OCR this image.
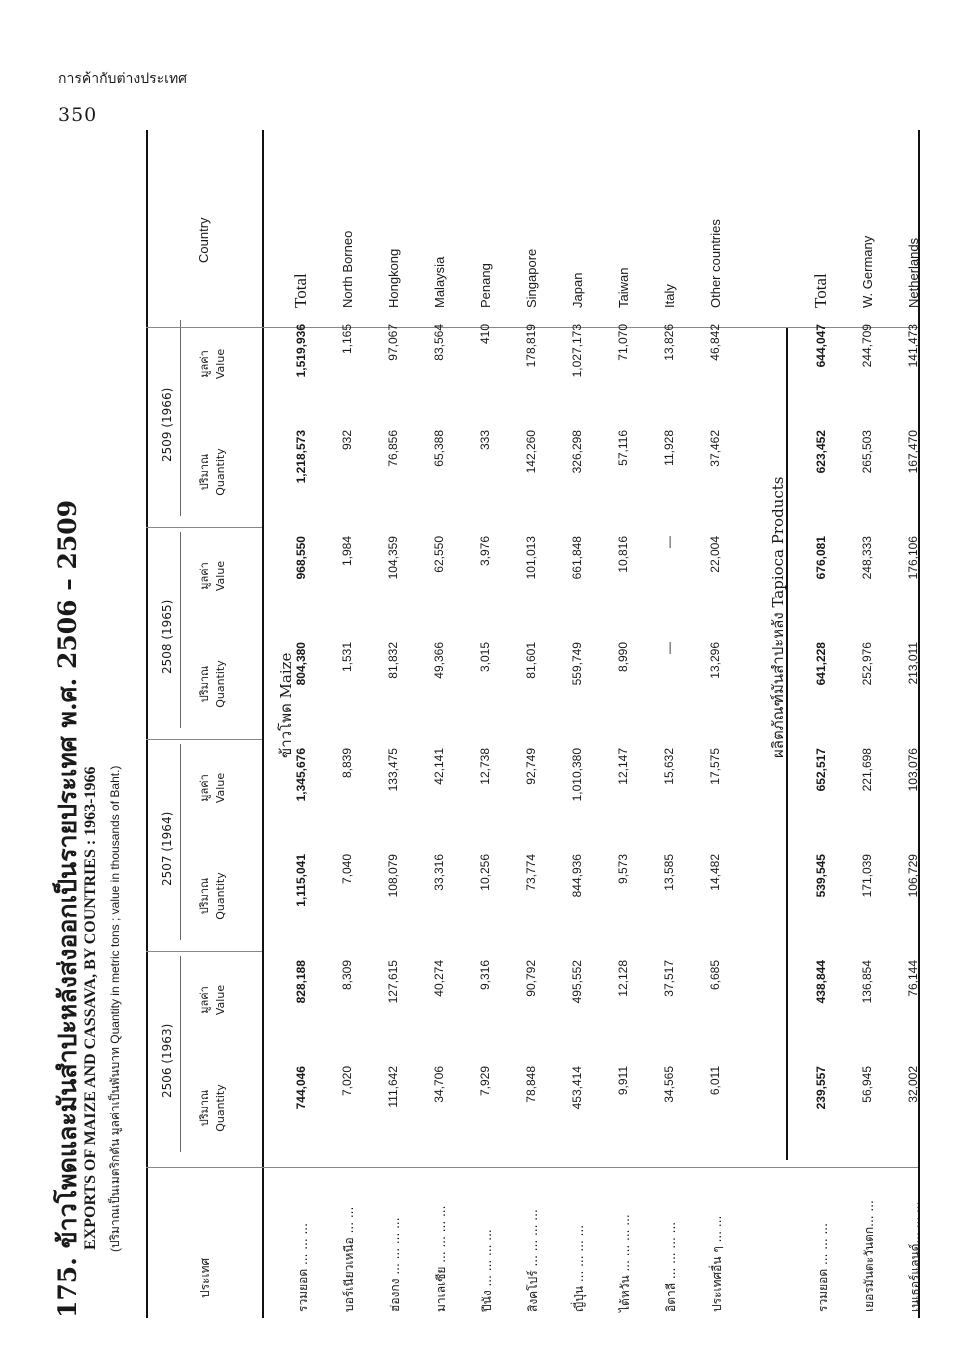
การค้ากับต่างประเทศ
350
175. ข้าวโพดและมันสำปะหลังส่งออกเป็นรายประเทศ พ.ศ. 2506 – 2509 EXPORTS OF MAIZE AND CASSAVA, BY COUNTRIES : 1963-1966 (ปริมาณเป็นเมตริกตัน มูลค่าเป็นพันบาท Quantity in metric tons ; value in thousands of Baht.)
ประเทศ
Country
2506 (1963)
ปริมาณ Quantity
มูลค่า Value
2507 (1964)
ปริมาณ Quantity
มูลค่า Value
2508 (1965)
ปริมาณ Quantity
มูลค่า Value
2509 (1966)
ปริมาณ Quantity
มูลค่า Value
ข้าวโพด Maize
รวมยอด ... ... ...
Total
744,046
828,188
1,115,041
1,345,676
804,380
968,550
1,218,573
1,519,936
บอร์เนียวเหนือ ... ...
North Borneo
7,020
8,309
7,040
8,839
1,531
1,984
932
1,165
ฮ่องกง ... ... ... ...
Hongkong
111,642
127,615
108,079
133,475
81,832
104,359
76,856
97,067
มาเลเซีย ... ... ... ...
Malaysia
34,706
40,274
33,316
42,141
49,366
62,550
65,388
83,564
ปีนัง ... ... ... ...
Penang
7,929
9,316
10,256
12,738
3,015
3,976
333
410
สิงคโปร์ ... ... ... ...
Singapore
78,848
90,792
73,774
92,749
81,601
101,013
142,260
178,819
ญี่ปุ่น ... ... ... ...
Japan
453,414
495,552
844,936
1,010,380
559,749
661,848
326,298
1,027,173
ไต้หวัน ... ... ... ...
Taiwan
9,911
12,128
9,573
12,147
8,990
10,816
57,116
71,070
อิตาลี ... ... ... ...
Italy
34,565
37,517
13,585
15,632
—
—
11,928
13,826
ประเทศอื่น ๆ ... ...
Other countries
6,011
6,685
14,482
17,575
13,296
22,004
37,462
46,842
ผลิตภัณฑ์มันสำปะหลัง Tapioca Products
รวมยอด ... ... ...
Total
239,557
438,844
539,545
652,517
641,228
676,081
623,452
644,047
เยอรมันตะวันตก... ...
W. Germany
56,945
136,854
171,039
221,698
252,976
248,333
265,503
244,709
เนเธอร์แลนด์... ... ...
Netherlands
32,002
76,144
106,729
103,076
213,011
176,106
167,470
141,473
